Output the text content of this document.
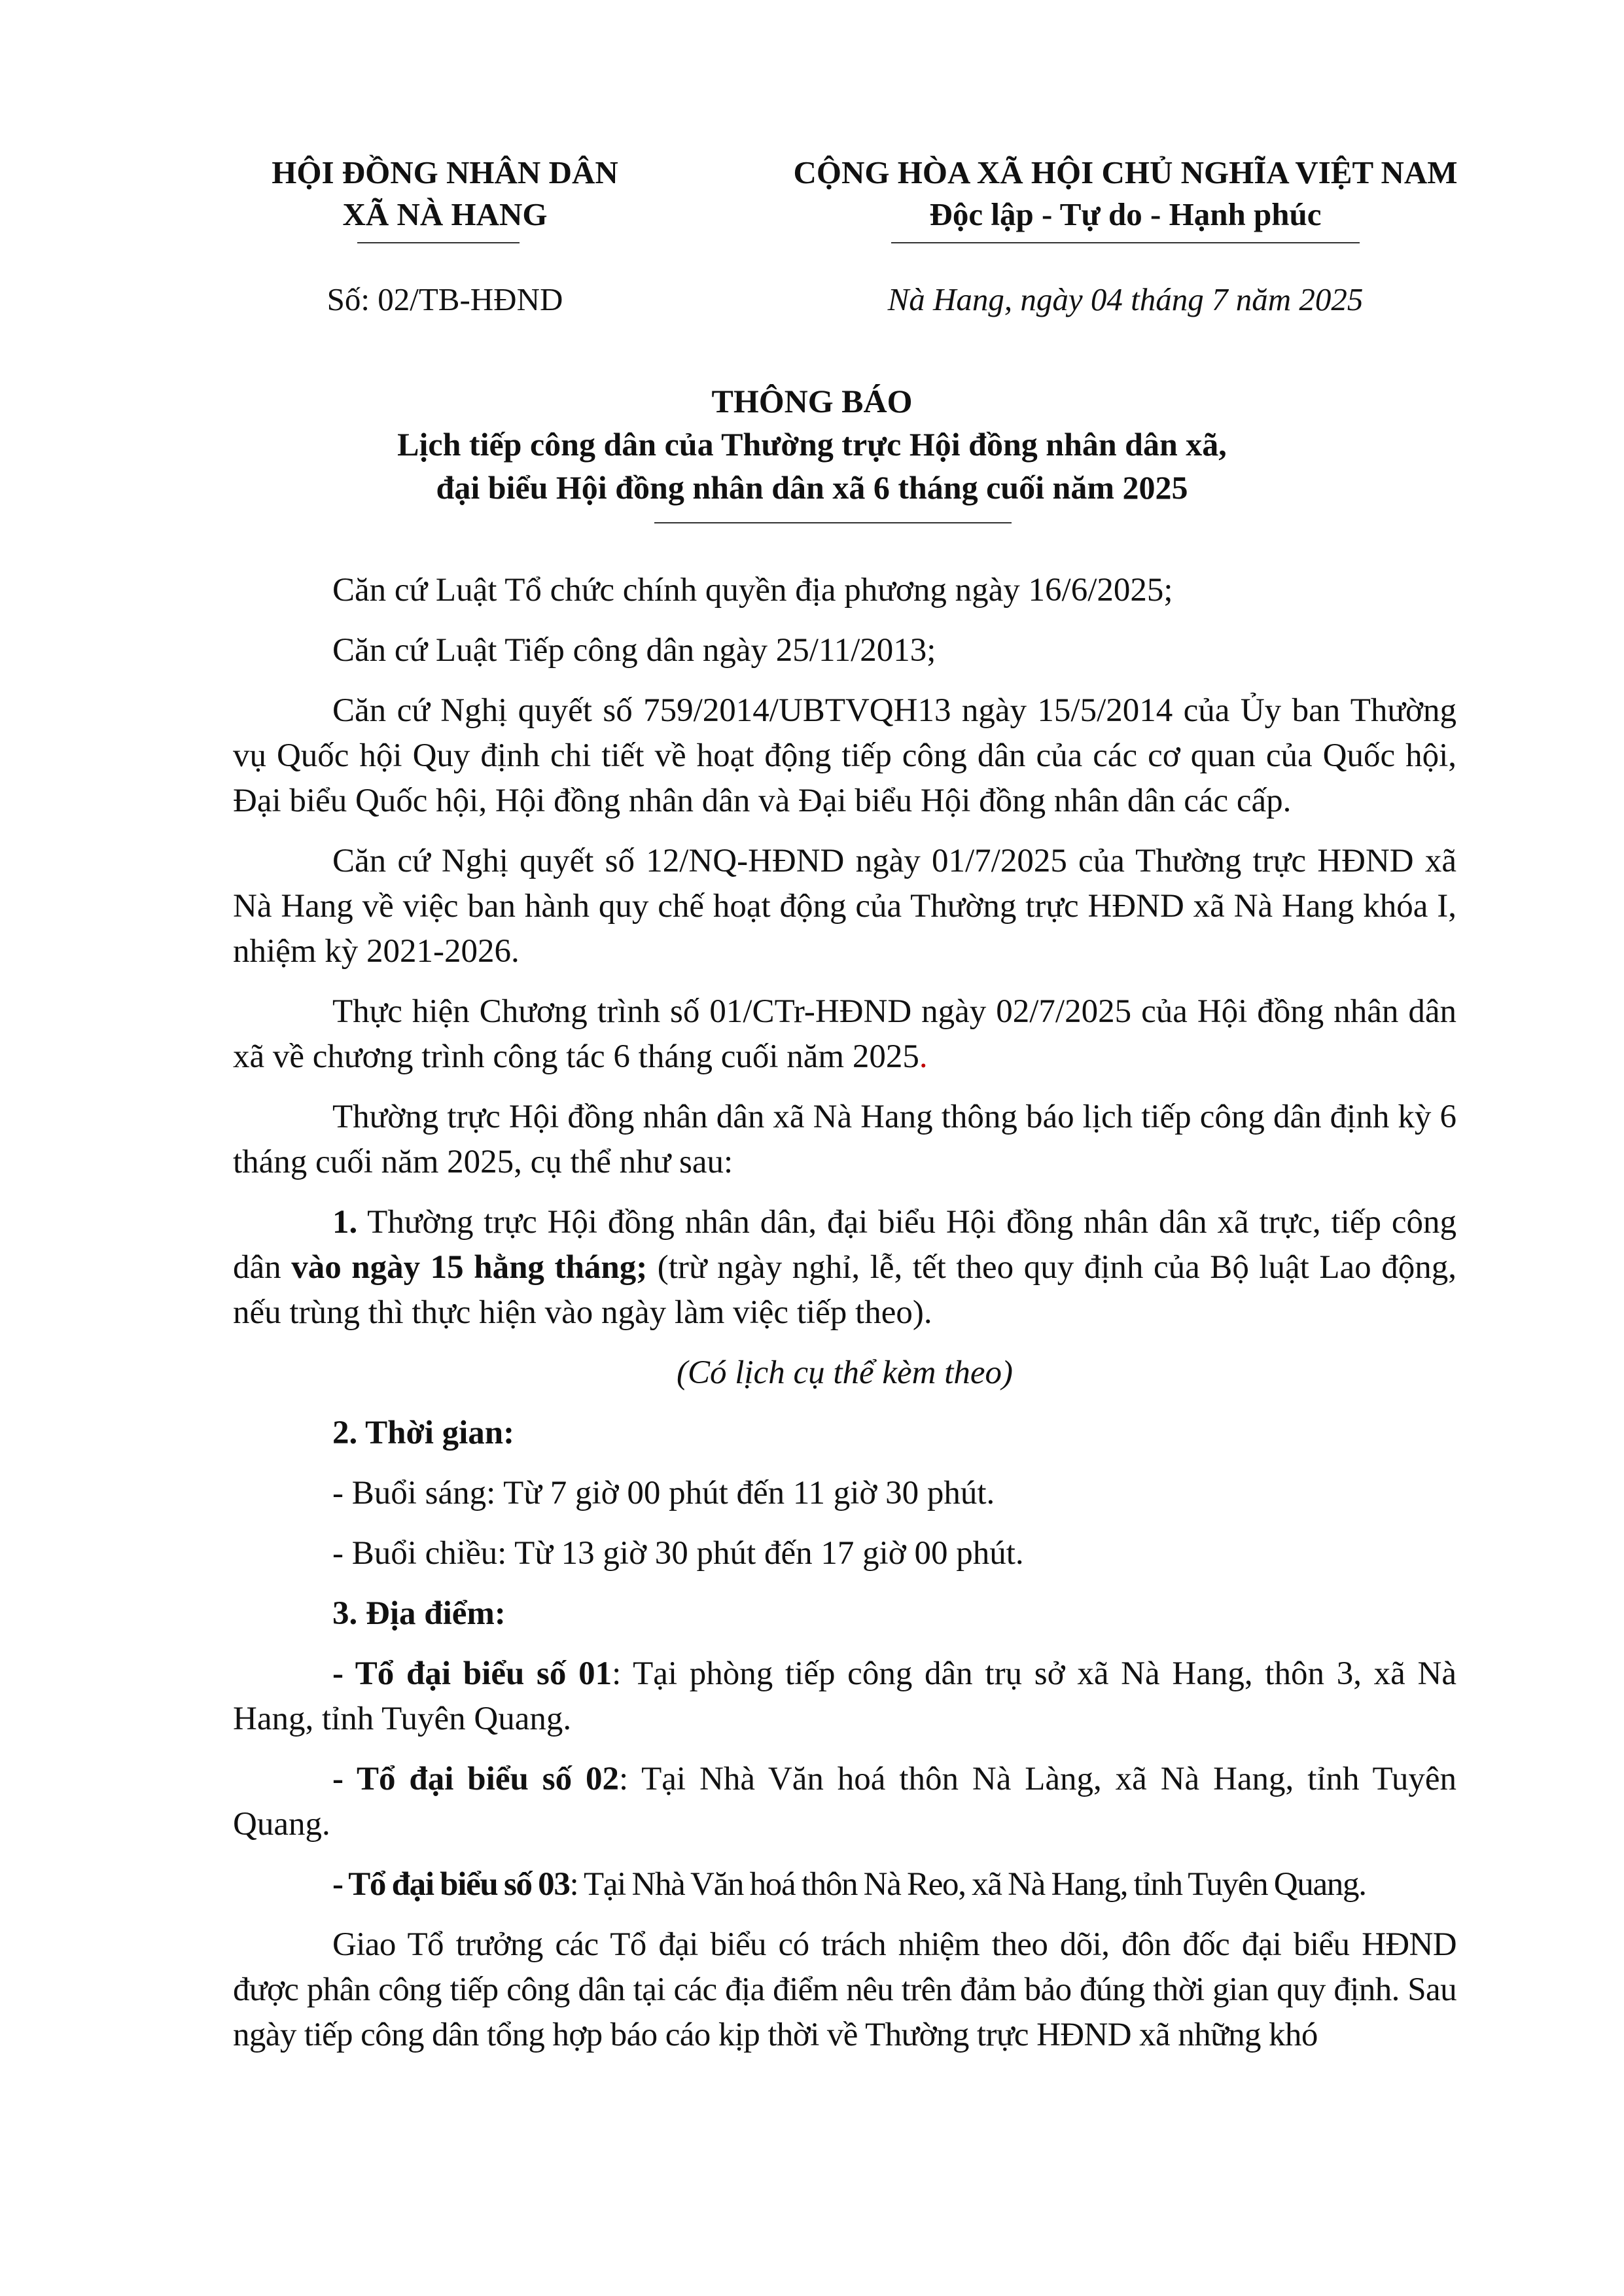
HỘI ĐỒNG NHÂN DÂN
XÃ NÀ HANG
CỘNG HÒA XÃ HỘI CHỦ NGHĨA VIỆT NAM
Độc lập - Tự do - Hạnh phúc
Số: 02/TB-HĐND	Nà Hang, ngày 04 tháng 7 năm 2025
THÔNG BÁO
Lịch tiếp công dân của Thường trực Hội đồng nhân dân xã,
đại biểu Hội đồng nhân dân xã 6 tháng cuối năm 2025

Căn cứ Luật Tổ chức chính quyền địa phương ngày 16/6/2025;

Căn cứ Luật Tiếp công dân ngày 25/11/2013;

Căn cứ Nghị quyết số 759/2014/UBTVQH13 ngày 15/5/2014 của Ủy ban Thường vụ Quốc hội Quy định chi tiết về hoạt động tiếp công dân của các cơ quan của Quốc hội, Đại biểu Quốc hội, Hội đồng nhân dân và Đại biểu Hội đồng nhân dân các cấp.

Căn cứ Nghị quyết số 12/NQ-HĐND ngày 01/7/2025 của Thường trực HĐND xã Nà Hang về việc ban hành quy chế hoạt động của Thường trực HĐND xã Nà Hang khóa I, nhiệm kỳ 2021-2026.

Thực hiện Chương trình số 01/CTr-HĐND ngày 02/7/2025 của Hội đồng nhân dân xã về chương trình công tác 6 tháng cuối năm 2025.

Thường trực Hội đồng nhân dân xã Nà Hang thông báo lịch tiếp công dân định kỳ 6 tháng cuối năm 2025, cụ thể như sau:

1. Thường trực Hội đồng nhân dân, đại biểu Hội đồng nhân dân xã trực, tiếp công dân vào ngày 15 hằng tháng; (trừ ngày nghỉ, lễ, tết theo quy định của Bộ luật Lao động, nếu trùng thì thực hiện vào ngày làm việc tiếp theo).

(Có lịch cụ thể kèm theo)

2. Thời gian:

- Buổi sáng: Từ 7 giờ 00 phút đến 11 giờ 30 phút.

- Buổi chiều: Từ 13 giờ 30 phút đến 17 giờ 00 phút.

3. Địa điểm:

- Tổ đại biểu số 01: Tại phòng tiếp công dân trụ sở xã Nà Hang, thôn 3, xã Nà Hang, tỉnh Tuyên Quang.

- Tổ đại biểu số 02: Tại Nhà Văn hoá thôn Nà Làng, xã Nà Hang, tỉnh Tuyên Quang.

- Tổ đại biểu số 03: Tại Nhà Văn hoá thôn Nà Reo, xã Nà Hang, tỉnh Tuyên Quang.

Giao Tổ trưởng các Tổ đại biểu có trách nhiệm theo dõi, đôn đốc đại biểu HĐND được phân công tiếp công dân tại các địa điểm nêu trên đảm bảo đúng thời gian quy định. Sau ngày tiếp công dân tổng hợp báo cáo kịp thời về Thường trực HĐND xã những khó
